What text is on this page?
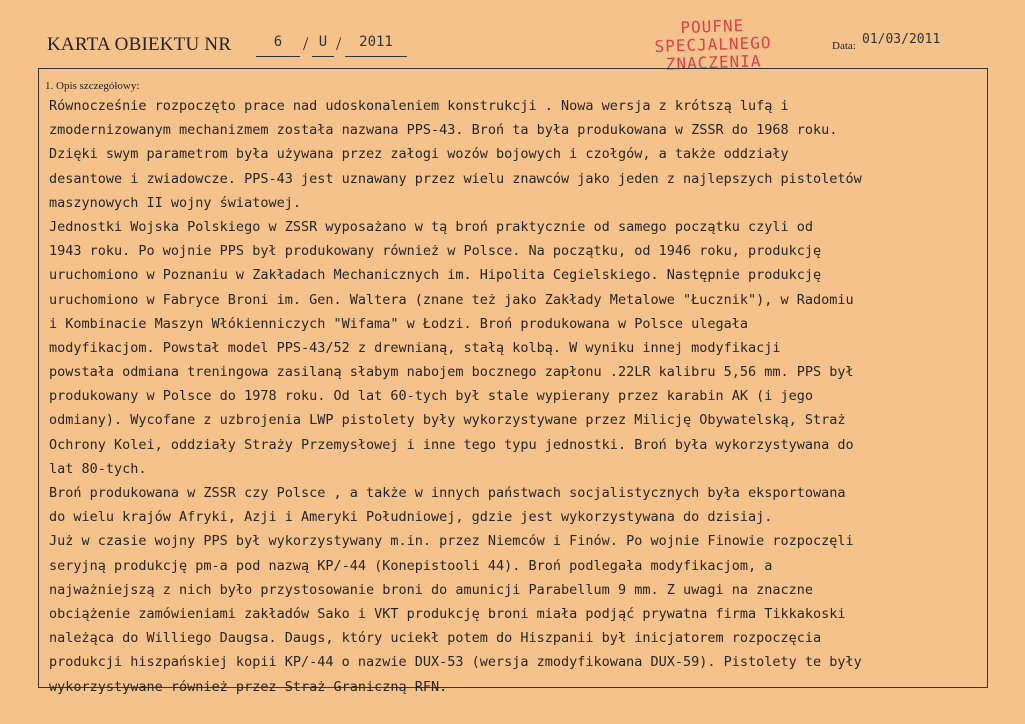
KARTA OBIEKTU NR	6	/ U /	2011
POUFNE
SPECJALNEGO
ZNACZENIA
Data: 01/03/2011
1. Opis szczegółowy:
Równocześnie rozpoczęto prace nad udoskonaleniem konstrukcji . Nowa wersja z krótszą lufą i
zmodernizowanym mechanizmem została nazwana PPS-43. Broń ta była produkowana w ZSSR do 1968 roku.
Dzięki swym parametrom była używana przez załogi wozów bojowych i czołgów, a także oddziały
desantowe i zwiadowcze. PPS-43 jest uznawany przez wielu znawców jako jeden z najlepszych pistoletów
maszynowych II wojny światowej.
Jednostki Wojska Polskiego w ZSSR wyposażano w tą broń praktycznie od samego początku czyli od
1943 roku. Po wojnie PPS był produkowany również w Polsce. Na początku, od 1946 roku, produkcję
uruchomiono w Poznaniu w Zakładach Mechanicznych im. Hipolita Cegielskiego. Następnie produkcję
uruchomiono w Fabryce Broni im. Gen. Waltera (znane też jako Zakłady Metalowe "Łucznik"), w Radomiu
i Kombinacie Maszyn Włókienniczych "Wifama" w Łodzi. Broń produkowana w Polsce ulegała
modyfikacjom. Powstał model PPS-43/52 z drewnianą, stałą kolbą. W wyniku innej modyfikacji
powstała odmiana treningowa zasilaną słabym nabojem bocznego zapłonu .22LR kalibru 5,56 mm. PPS był
produkowany w Polsce do 1978 roku. Od lat 60-tych był stale wypierany przez karabin AK (i jego
odmiany). Wycofane z uzbrojenia LWP pistolety były wykorzystywane przez Milicję Obywatelską, Straż
Ochrony Kolei, oddziały Straży Przemysłowej i inne tego typu jednostki. Broń była wykorzystywana do
lat 80-tych.
Broń produkowana w ZSSR czy Polsce , a także w innych państwach socjalistycznych była eksportowana
do wielu krajów Afryki, Azji i Ameryki Południowej, gdzie jest wykorzystywana do dzisiaj.
Już w czasie wojny PPS był wykorzystywany m.in. przez Niemców i Finów. Po wojnie Finowie rozpoczęli
seryjną produkcję pm-a pod nazwą KP/-44 (Konepistooli 44). Broń podlegała modyfikacjom, a
najważniejszą z nich było przystosowanie broni do amunicji Parabellum 9 mm. Z uwagi na znaczne
obciążenie zamówieniami zakładów Sako i VKT produkcję broni miała podjąć prywatna firma Tikkakoski
należąca do Williego Daugsa. Daugs, który uciekł potem do Hiszpanii był inicjatorem rozpoczęcia
produkcji hiszpańskiej kopii KP/-44 o nazwie DUX-53 (wersja zmodyfikowana DUX-59). Pistolety te były
wykorzystywane również przez Straż Graniczną RFN.
